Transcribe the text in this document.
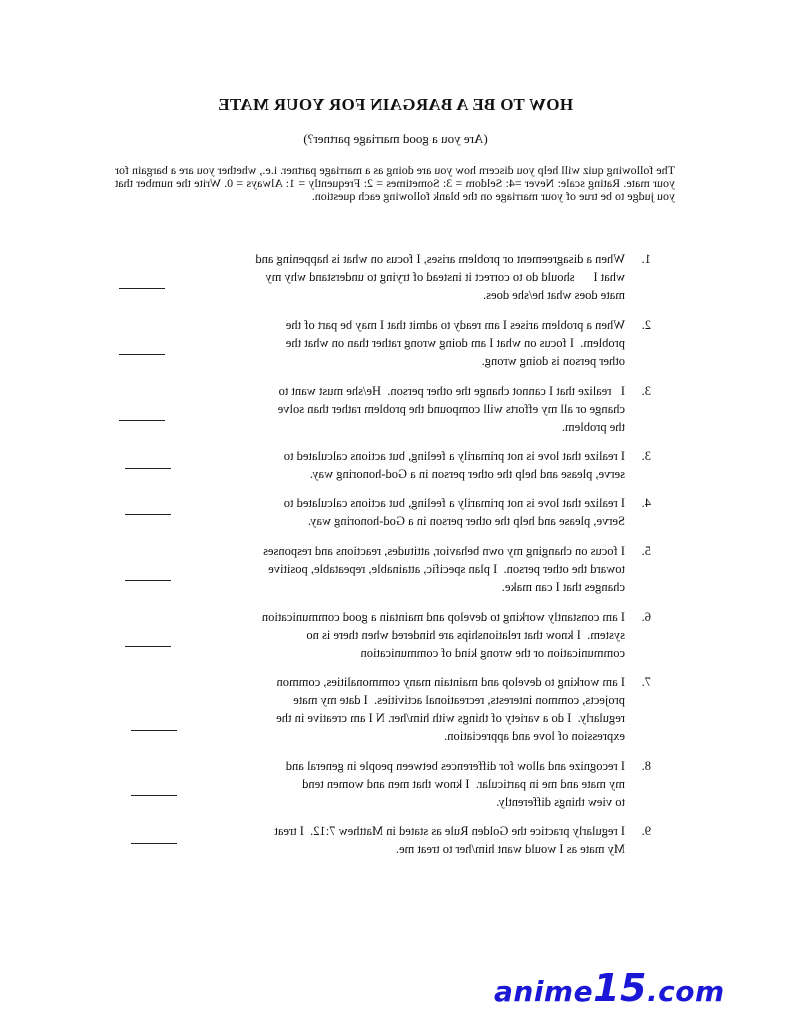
HOW TO BE A BARGAIN FOR YOUR MATE
(Are you a good marriage partner?)
The following quiz will help you discern how you are doing as a marriage partner. i.e., whether you are a bargain for your mate. Rating scale: Never =4: Seldom = 3: Sometimes = 2: Frequently = 1: Always = 0. Write the number that you judge to be true of your marriage on the blank following each question.
1.
When a disagreement or problem arises, I focus on what is happening and
what I      should do to correct it instead of trying to understand why my
mate does what he/she does.
2.
When a problem arises I am ready to admit that I may be part of the
problem.  I focus on what I am doing wrong rather than on what the
other person is doing wrong.
3.
I   realize that I cannot change the other person.  He/she must want to
change or all my efforts will compound the problem rather than solve
the problem.
3.
I realize that love is not primarily a feeling, but actions calculated to
serve, please and help the other person in a God-honoring way.
4.
I realize that love is not primarily a feeling, but actions calculated to
Serve, please and help the other person in a God-honoring way.
5.
I focus on changing my own behavior, attitudes, reactions and responses
toward the other person.  I plan specific, attainable, repeatable, positive
changes that I can make.
6.
I am constantly working to develop and maintain a good communication
system.  I know that relationships are hindered when there is no
communication or the wrong kind of communication
7.
I am working to develop and maintain many commonalities, common
projects, common interests, recreational activities.  I date my mate
regularly.  I do a variety of things with him/her. N I am creative in the
expression of love and appreciation.
8.
I recognize and allow for differences between people in general and
my mate and me in particular.  I know that men and women tend
to view things differently.
9.
I regularly practice the Golden Rule as stated in Matthew 7:12.  I treat
My mate as I would want him/her to treat me.
anime15.com
